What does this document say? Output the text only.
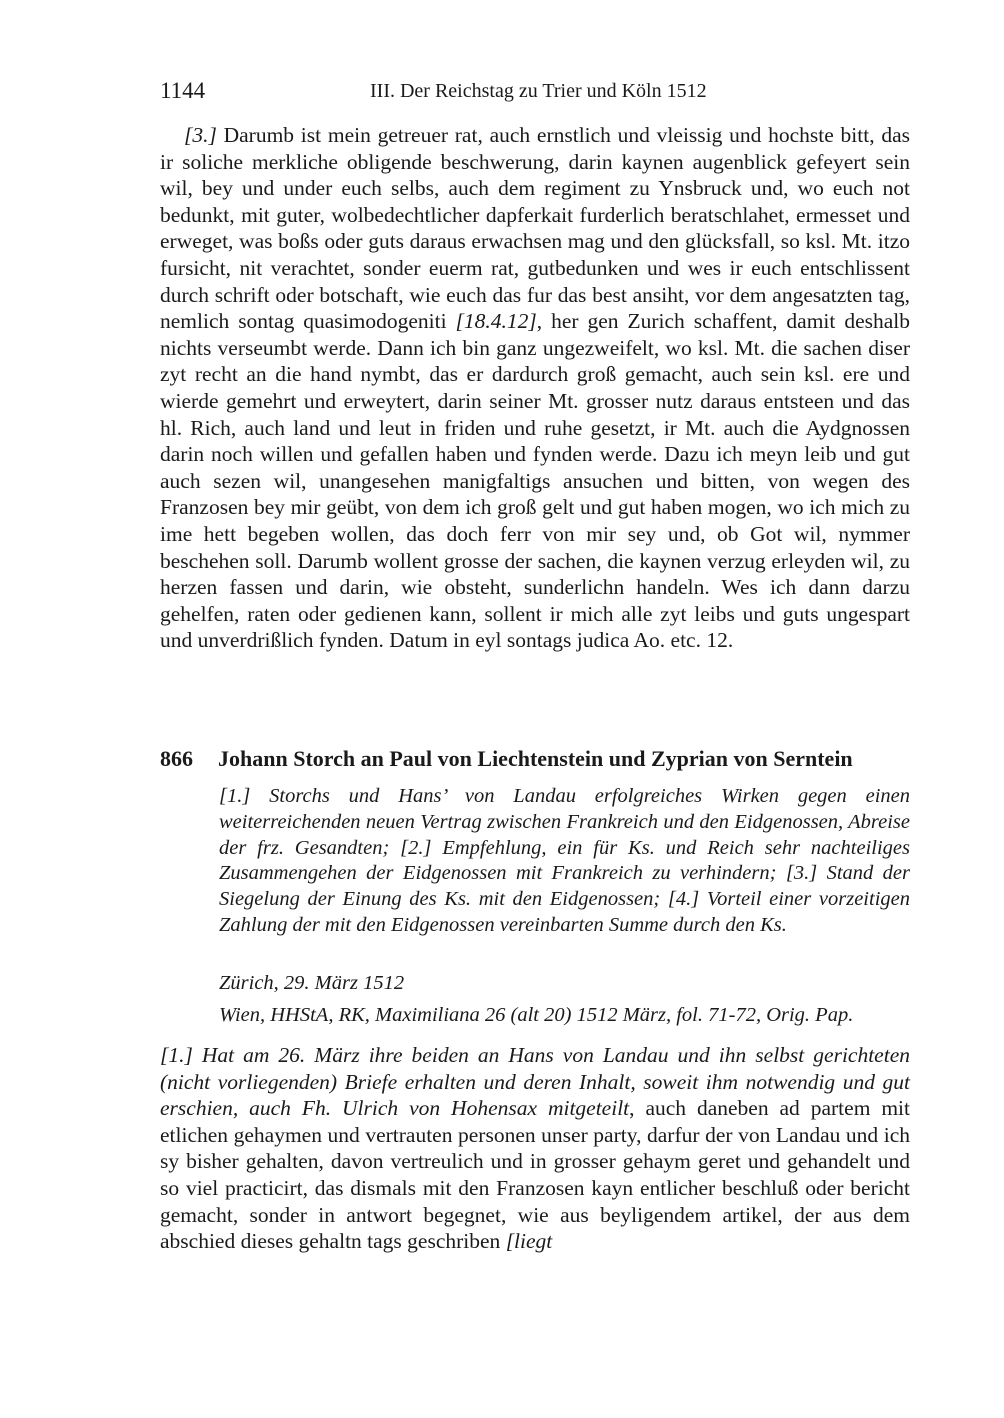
1144	III. Der Reichstag zu Trier und Köln 1512

[3.] Darumb ist mein getreuer rat, auch ernstlich und vleissig und hochste bitt, das ir soliche merkliche obligende beschwerung, darin kaynen augenblick gefeyert sein wil, bey und under euch selbs, auch dem regiment zu Ynsbruck und, wo euch not bedunkt, mit guter, wolbedechtlicher dapferkait furderlich beratschlahet, ermesset und erweget, was boßs oder guts daraus erwachsen mag und den glücksfall, so ksl. Mt. itzo fursicht, nit verachtet, sonder euerm rat, gutbedunken und wes ir euch entschlissent durch schrift oder botschaft, wie euch das fur das best ansiht, vor dem angesatzten tag, nemlich sontag quasimodogeniti [18.4.12], her gen Zurich schaffent, damit deshalb nichts verseumbt werde. Dann ich bin ganz ungezweifelt, wo ksl. Mt. die sachen diser zyt recht an die hand nymbt, das er dardurch groß gemacht, auch sein ksl. ere und wierde gemehrt und erweytert, darin seiner Mt. grosser nutz daraus entsteen und das hl. Rich, auch land und leut in friden und ruhe gesetzt, ir Mt. auch die Aydgnossen darin noch willen und gefallen haben und fynden werde. Dazu ich meyn leib und gut auch sezen wil, unangesehen manigfaltigs ansuchen und bitten, von wegen des Franzosen bey mir geübt, von dem ich groß gelt und gut haben mogen, wo ich mich zu ime hett begeben wollen, das doch ferr von mir sey und, ob Got wil, nymmer beschehen soll. Darumb wollent grosse der sachen, die kaynen verzug erleyden wil, zu herzen fassen und darin, wie obsteht, sunderlichn handeln. Wes ich dann darzu gehelfen, raten oder gedienen kann, sollent ir mich alle zyt leibs und guts ungespart und unverdrißlich fynden. Datum in eyl sontags judica Ao. etc. 12.

866 Johann Storch an Paul von Liechtenstein und Zyprian von Serntein

[1.] Storchs und Hans’ von Landau erfolgreiches Wirken gegen einen weiterreichenden neuen Vertrag zwischen Frankreich und den Eidgenossen, Abreise der frz. Gesandten; [2.] Empfehlung, ein für Ks. und Reich sehr nachteiliges Zusammengehen der Eidgenossen mit Frankreich zu verhindern; [3.] Stand der Siegelung der Einung des Ks. mit den Eidgenossen; [4.] Vorteil einer vorzeitigen Zahlung der mit den Eidgenossen vereinbarten Summe durch den Ks.

Zürich, 29. März 1512

Wien, HHStA, RK, Maximiliana 26 (alt 20) 1512 März, fol. 71-72, Orig. Pap.

[1.] Hat am 26. März ihre beiden an Hans von Landau und ihn selbst gerichteten (nicht vorliegenden) Briefe erhalten und deren Inhalt, soweit ihm notwendig und gut erschien, auch Fh. Ulrich von Hohensax mitgeteilt, auch daneben ad partem mit etlichen gehaymen und vertrauten personen unser party, darfur der von Landau und ich sy bisher gehalten, davon vertreulich und in grosser gehaym geret und gehandelt und so viel practicirt, das dismals mit den Franzosen kayn entlicher beschluß oder bericht gemacht, sonder in antwort begegnet, wie aus beyligendem artikel, der aus dem abschied dieses gehaltn tags geschriben [liegt
